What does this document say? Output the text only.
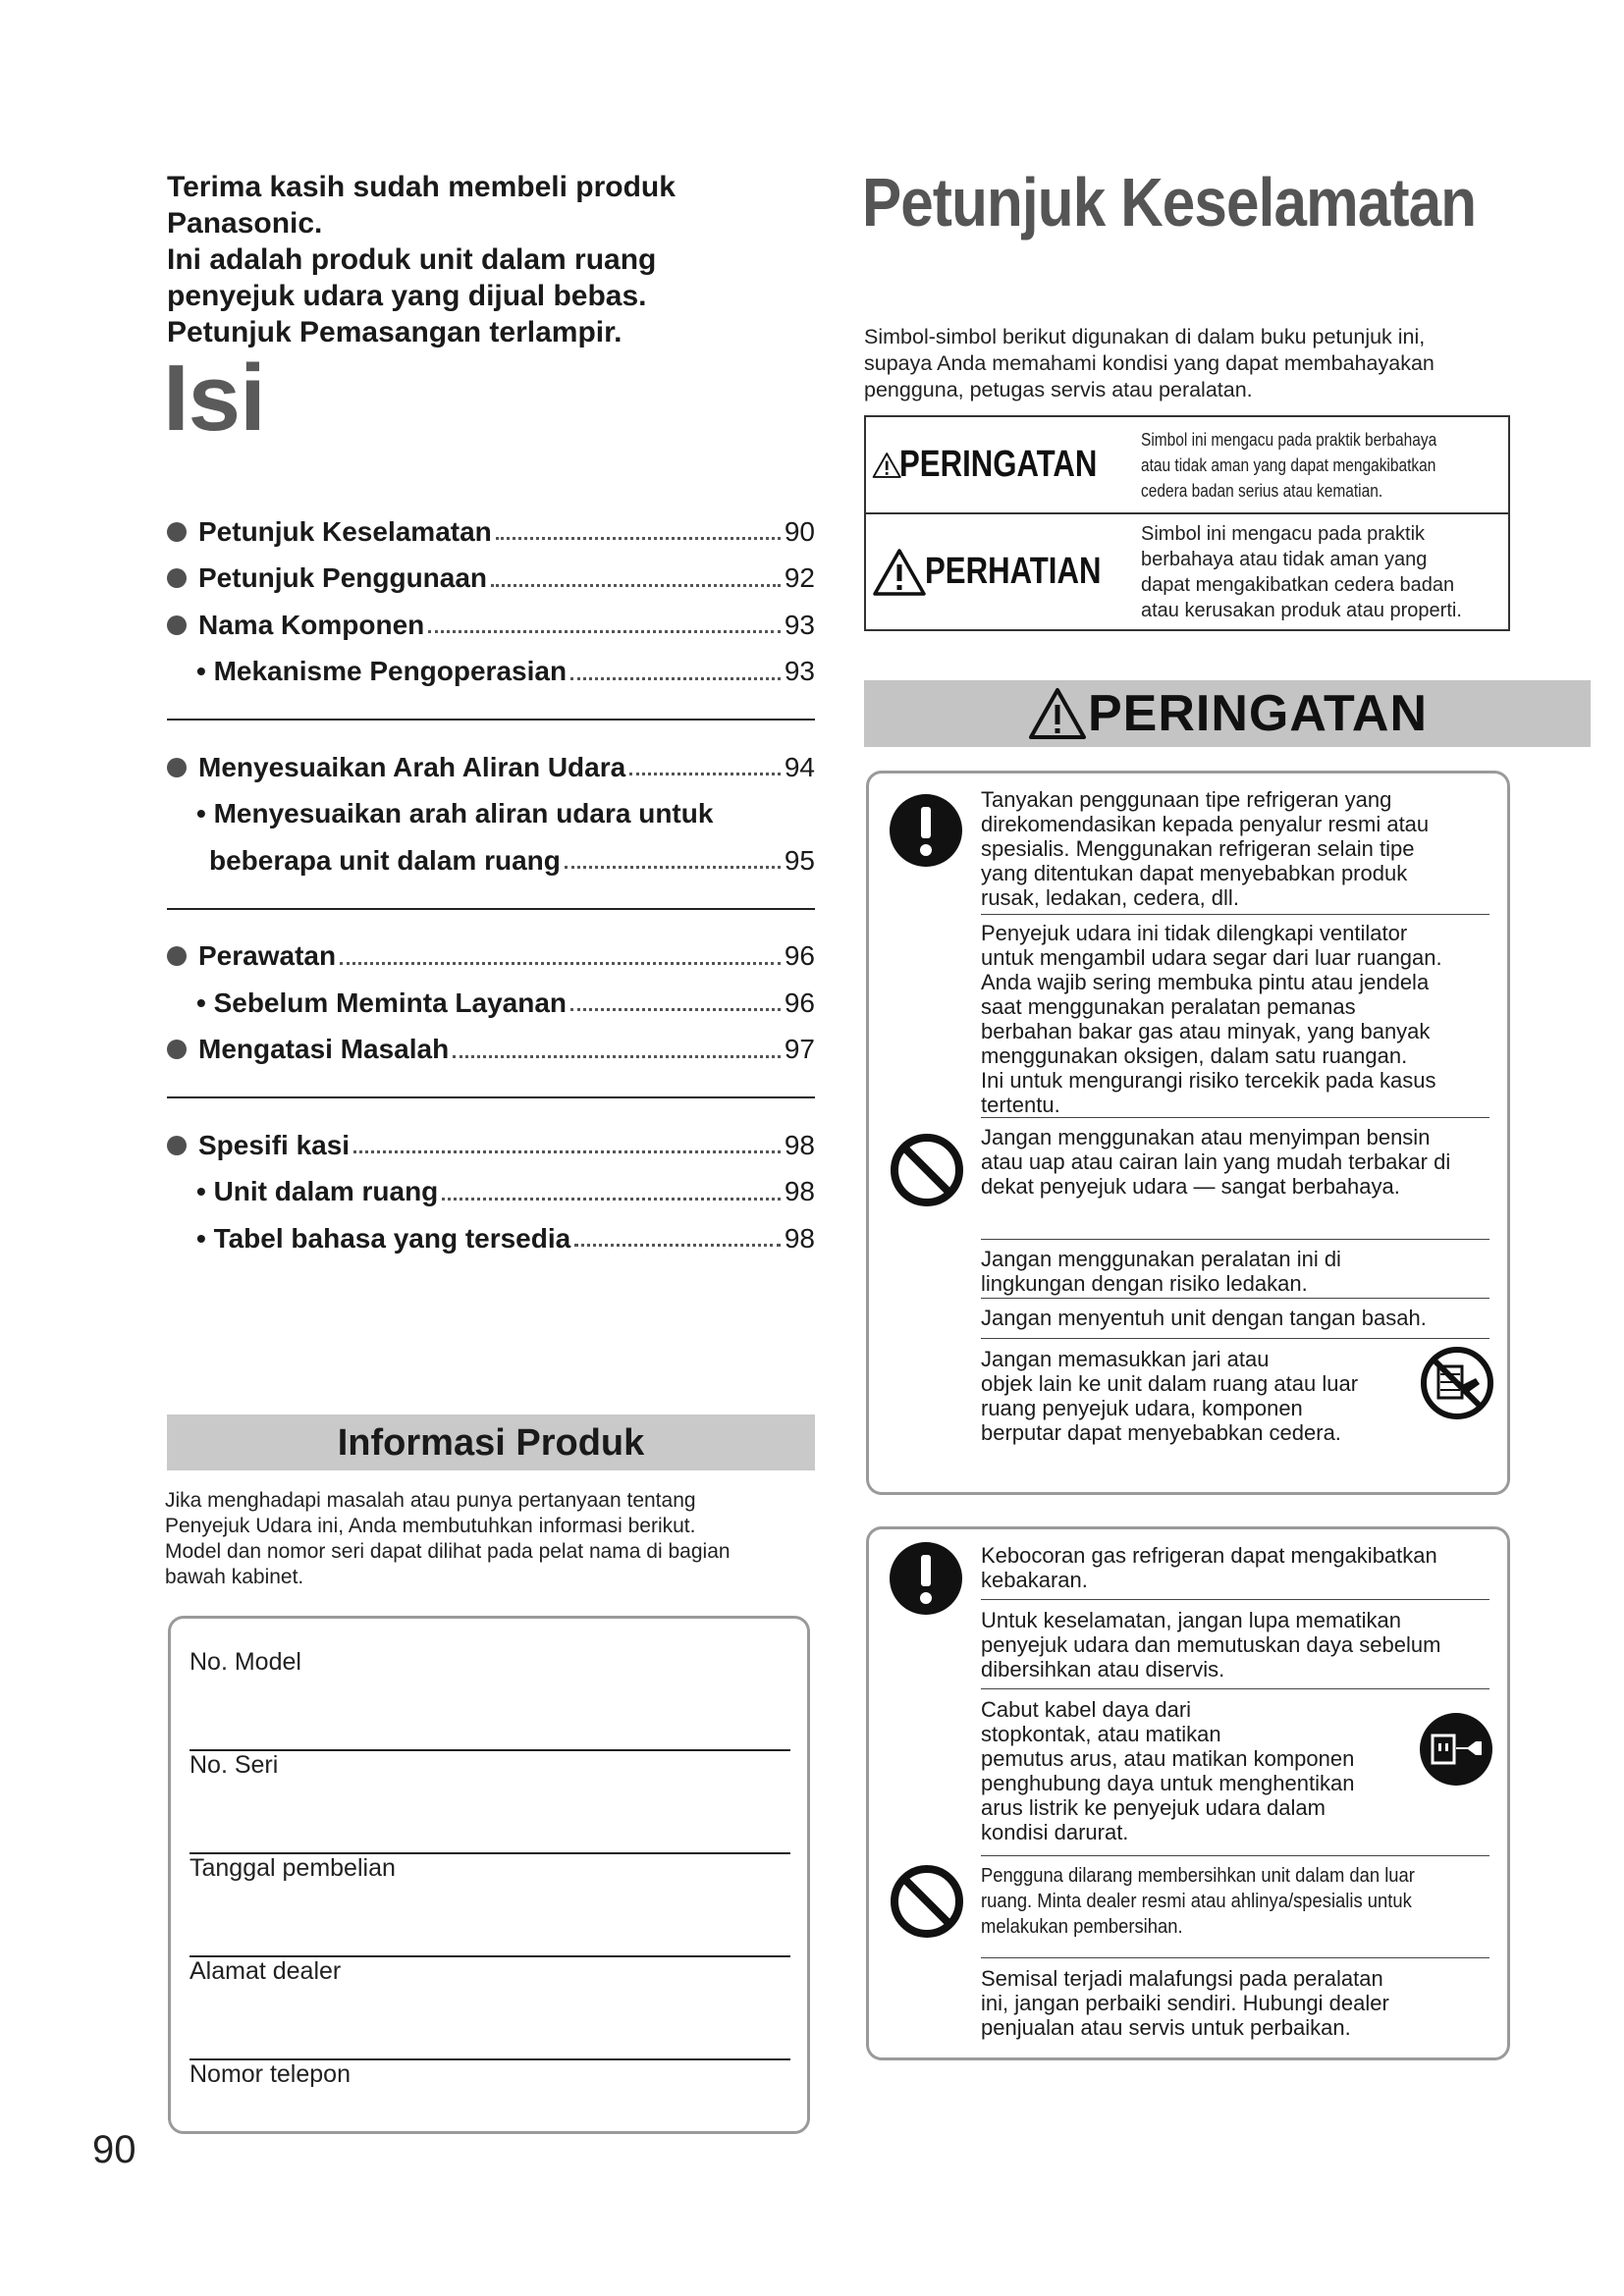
Terima kasih sudah membeli produk
Panasonic.
Ini adalah produk unit dalam ruang
penyejuk udara yang dijual bebas.
Petunjuk Pemasangan terlampir.
Isi
Petunjuk Keselamatan	90
Petunjuk Penggunaan	92
Nama Komponen	93
• Mekanisme Pengoperasian	93
Menyesuaikan Arah Aliran Udara	94
• Menyesuaikan arah aliran udara untuk
beberapa unit dalam ruang	95
Perawatan	96
• Sebelum Meminta Layanan	96
Mengatasi Masalah	97
Spesifi kasi	98
• Unit dalam ruang	98
• Tabel bahasa yang tersedia	98
Informasi Produk
Jika menghadapi masalah atau punya pertanyaan tentang
Penyejuk Udara ini, Anda membutuhkan informasi berikut.
Model dan nomor seri dapat dilihat pada pelat nama di bagian
bawah kabinet.
No. Model
No. Seri
Tanggal pembelian
Alamat dealer
Nomor telepon
90
Petunjuk Keselamatan
Simbol-simbol berikut digunakan di dalam buku petunjuk ini,
supaya Anda memahami kondisi yang dapat membahayakan
pengguna, petugas servis atau peralatan.
PERINGATAN
Simbol ini mengacu pada praktik berbahaya
atau tidak aman yang dapat mengakibatkan
cedera badan serius atau kematian.
PERHATIAN
Simbol ini mengacu pada praktik
berbahaya atau tidak aman yang
dapat mengakibatkan cedera badan
atau kerusakan produk atau properti.
PERINGATAN
Tanyakan penggunaan tipe refrigeran yang
direkomendasikan kepada penyalur resmi atau
spesialis. Menggunakan refrigeran selain tipe
yang ditentukan dapat menyebabkan produk
rusak, ledakan, cedera, dll.
Penyejuk udara ini tidak dilengkapi ventilator
untuk mengambil udara segar dari luar ruangan.
Anda wajib sering membuka pintu atau jendela
saat menggunakan peralatan pemanas
berbahan bakar gas atau minyak, yang banyak
menggunakan oksigen, dalam satu ruangan.
Ini untuk mengurangi risiko tercekik pada kasus
tertentu.
Jangan menggunakan atau menyimpan bensin
atau uap atau cairan lain yang mudah terbakar di
dekat penyejuk udara — sangat berbahaya.
Jangan menggunakan peralatan ini di
lingkungan dengan risiko ledakan.
Jangan menyentuh unit dengan tangan basah.
Jangan memasukkan jari atau
objek lain ke unit dalam ruang atau luar
ruang penyejuk udara, komponen
berputar dapat menyebabkan cedera.
Kebocoran gas refrigeran dapat mengakibatkan
kebakaran.
Untuk keselamatan, jangan lupa mematikan
penyejuk udara dan memutuskan daya sebelum
dibersihkan atau diservis.
Cabut kabel daya dari
stopkontak, atau matikan
pemutus arus, atau matikan komponen
penghubung daya untuk menghentikan
arus listrik ke penyejuk udara dalam
kondisi darurat.
Pengguna dilarang membersihkan unit dalam dan luar
ruang. Minta dealer resmi atau ahlinya/spesialis untuk
melakukan pembersihan.
Semisal terjadi malafungsi pada peralatan
ini, jangan perbaiki sendiri. Hubungi dealer
penjualan atau servis untuk perbaikan.
